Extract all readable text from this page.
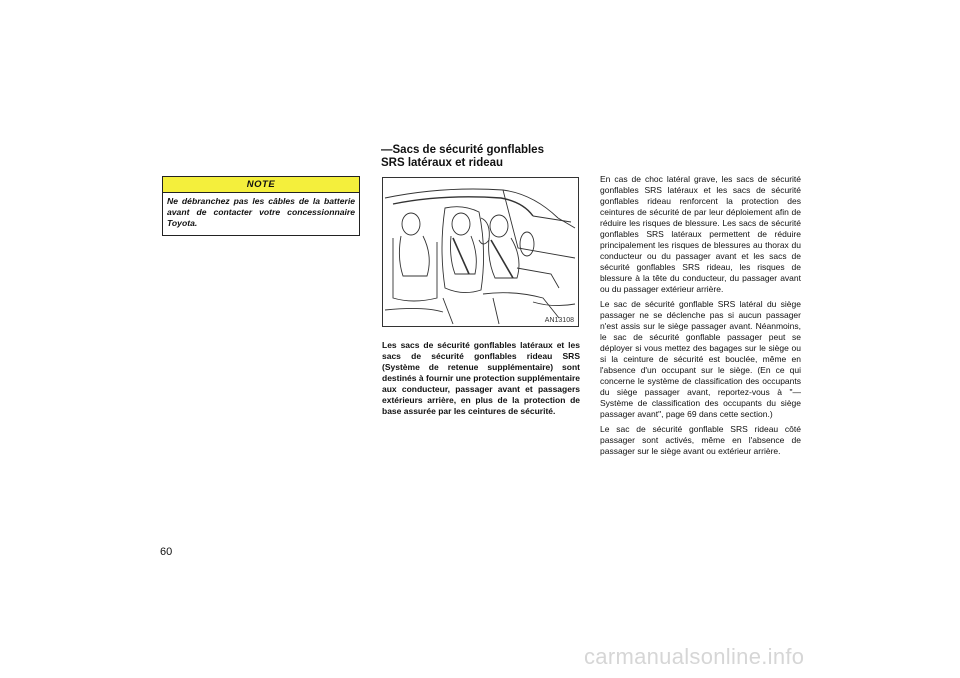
NOTE
Ne débranchez pas les câbles de la batterie avant de contacter votre concessionnaire Toyota.
—Sacs de sécurité gonflables
SRS latéraux et rideau
AN13108
Les sacs de sécurité gonflables latéraux et les sacs de sécurité gonflables rideau SRS (Système de retenue supplémentaire) sont destinés à fournir une protection supplémentaire aux conducteur, passager avant et passagers extérieurs arrière, en plus de la protection de base assurée par les ceintures de sécurité.

En cas de choc latéral grave, les sacs de sécurité gonflables SRS latéraux et les sacs de sécurité gonflables rideau renforcent la protection des ceintures de sécurité de par leur déploiement afin de réduire les risques de blessure. Les sacs de sécurité gonflables SRS latéraux permettent de réduire principalement les risques de blessures au thorax du conducteur ou du passager avant et les sacs de sécurité gonflables SRS rideau, les risques de blessure à la tête du conducteur, du passager avant ou du passager extérieur arrière.

Le sac de sécurité gonflable SRS latéral du siège passager ne se déclenche pas si aucun passager n'est assis sur le siège passager avant. Néanmoins, le sac de sécurité gonflable passager peut se déployer si vous mettez des bagages sur le siège ou si la ceinture de sécurité est bouclée, même en l'absence d'un occupant sur le siège. (En ce qui concerne le système de classification des occupants du siège passager avant, reportez-vous à "—Système de classification des occupants du siège passager avant", page 69 dans cette section.)

Le sac de sécurité gonflable SRS rideau côté passager sont activés, même en l'absence de passager sur le siège avant ou extérieur arrière.

60
carmanualsonline.info
